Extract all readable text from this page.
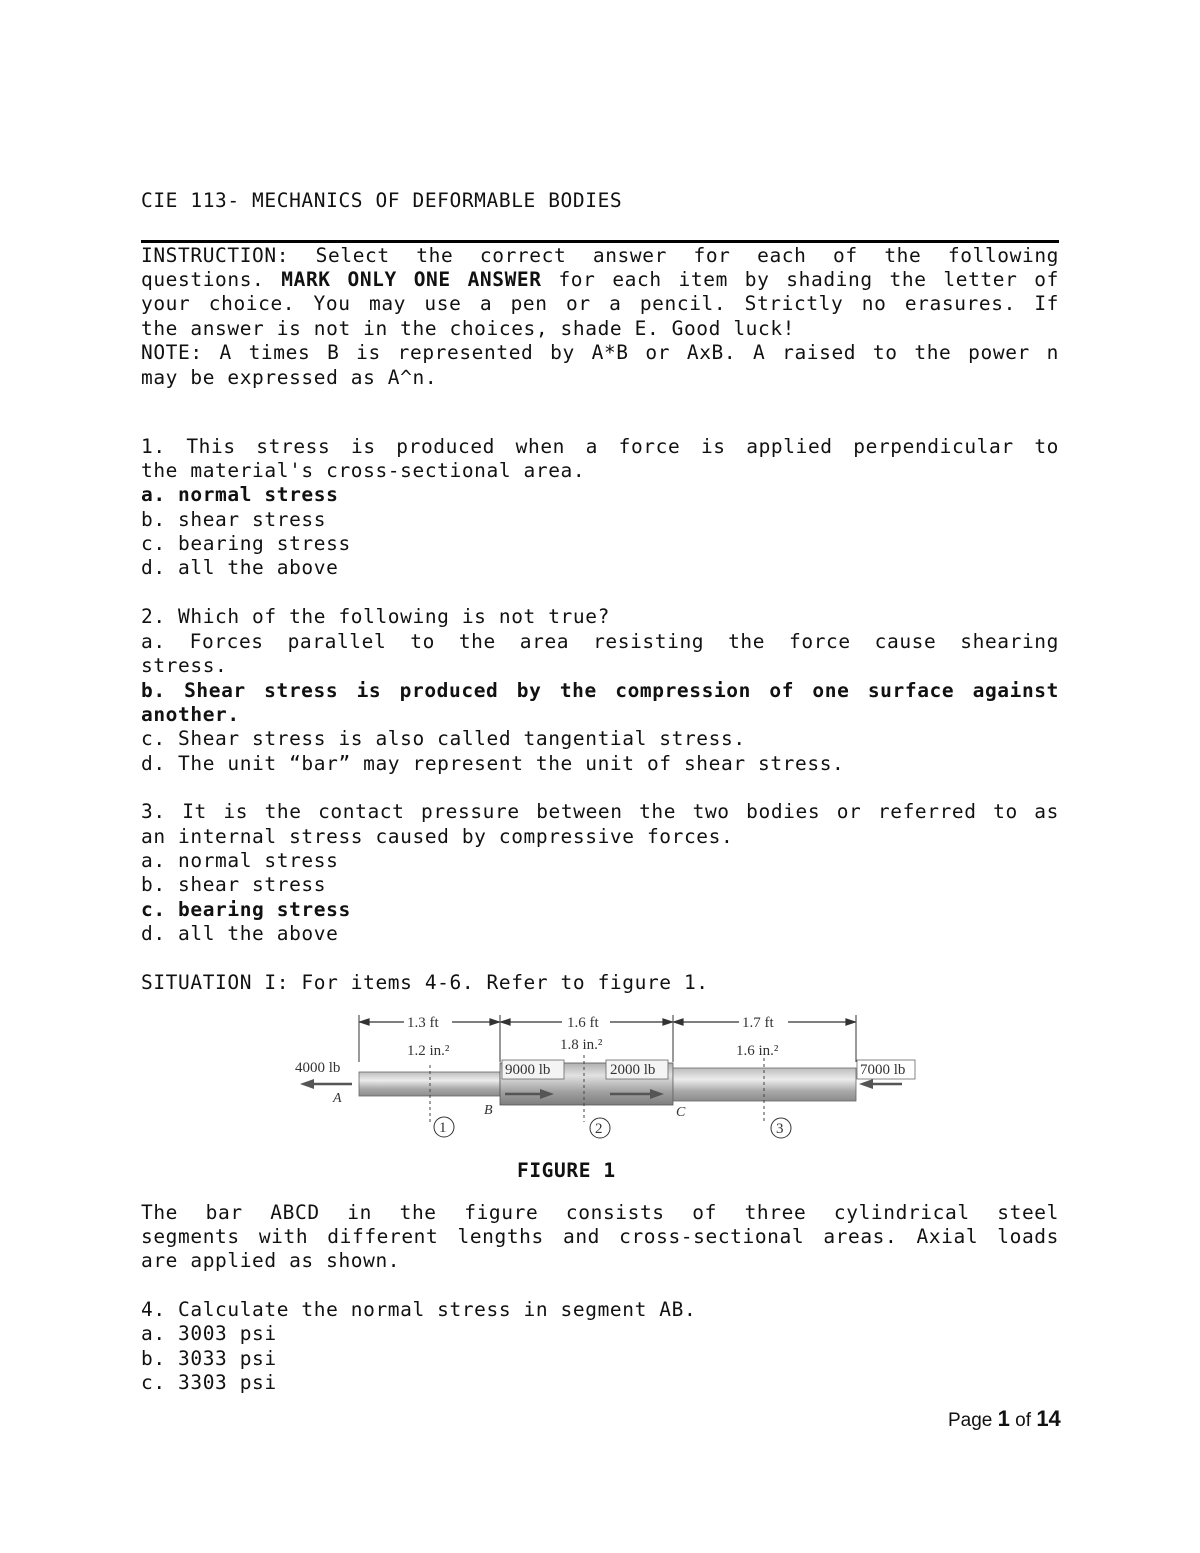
CIE 113- MECHANICS OF DEFORMABLE BODIES
INSTRUCTION: Select the correct answer for each of the following
questions. MARK ONLY ONE ANSWER for each item by shading the letter of
your choice. You may use a pen or a pencil. Strictly no erasures. If
the answer is not in the choices, shade E. Good luck!
NOTE: A times B is represented by A*B or AxB. A raised to the power n
may be expressed as A^n.
1. This stress is produced when a force is applied perpendicular to
the material's cross-sectional area.
a. normal stress
b. shear stress
c. bearing stress
d. all the above
2. Which of the following is not true?
a. Forces parallel to the area resisting the force cause shearing
stress.
b. Shear stress is produced by the compression of one surface against
another.
c. Shear stress is also called tangential stress.
d. The unit “bar” may represent the unit of shear stress.
3. It is the contact pressure between the two bodies or referred to as
an internal stress caused by compressive forces.
a. normal stress
b. shear stress
c. bearing stress
d. all the above
SITUATION I: For items 4-6. Refer to figure 1.
1.3 ft	1.6 ft	1.7 ft
1.2 in.²	1.8 in.²	1.6 in.²
4000 lb	9000 lb	2000 lb	7000 lb
A
B	C
1	2	3
FIGURE 1
The bar ABCD in the figure consists of three cylindrical steel
segments with different lengths and cross-sectional areas. Axial loads
are applied as shown.
4. Calculate the normal stress in segment AB.
a. 3003 psi
b. 3033 psi
c. 3303 psi
Page 1 of 14
